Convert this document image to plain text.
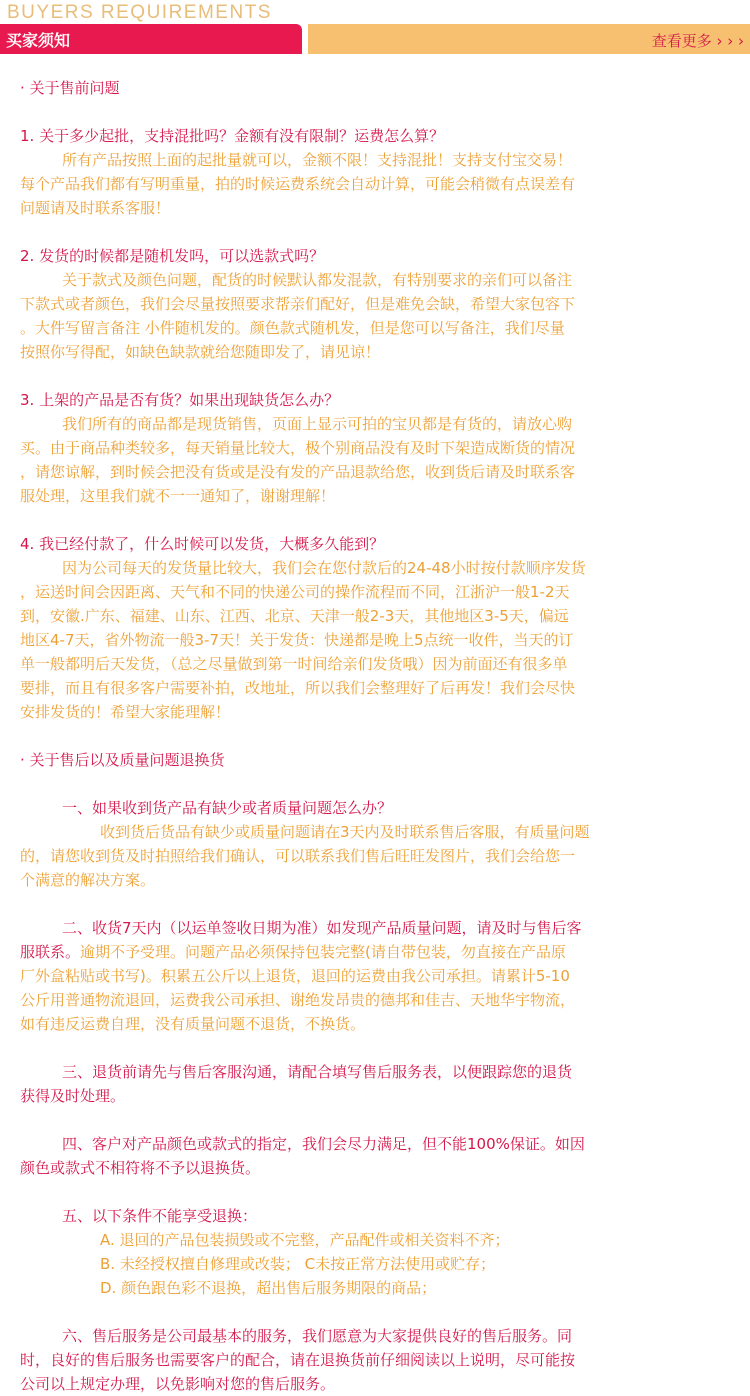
BUYERS REQUIREMENTS
买家须知	查看更多 › › ›

· 关于售前问题

1. 关于多少起批，支持混批吗？金额有没有限制？运费怎么算？

所有产品按照上面的起批量就可以，金额不限！支持混批！支持支付宝交易！

每个产品我们都有写明重量，拍的时候运费系统会自动计算，可能会稍微有点误差有

问题请及时联系客服！

2. 发货的时候都是随机发吗，可以选款式吗？

关于款式及颜色问题，配货的时候默认都发混款，有特别要求的亲们可以备注

下款式或者颜色，我们会尽量按照要求帮亲们配好，但是难免会缺，希望大家包容下

。大件写留言备注 小件随机发的。颜色款式随机发，但是您可以写备注，我们尽量

按照你写得配，如缺色缺款就给您随即发了，请见谅！

3. 上架的产品是否有货？如果出现缺货怎么办？

我们所有的商品都是现货销售，页面上显示可拍的宝贝都是有货的，请放心购

买。由于商品种类较多，每天销量比较大，极个别商品没有及时下架造成断货的情况

，请您谅解，到时候会把没有货或是没有发的产品退款给您，收到货后请及时联系客

服处理，这里我们就不一一通知了，谢谢理解！

4. 我已经付款了，什么时候可以发货，大概多久能到？

因为公司每天的发货量比较大，我们会在您付款后的24-48小时按付款顺序发货

，运送时间会因距离、天气和不同的快递公司的操作流程而不同，江浙沪一般1-2天

到，安徽.广东、福建、山东、江西、北京、天津一般2-3天，其他地区3-5天，偏远

地区4-7天，省外物流一般3-7天！关于发货：快递都是晚上5点统一收件，当天的订

单一般都明后天发货，（总之尽量做到第一时间给亲们发货哦）因为前面还有很多单

要排，而且有很多客户需要补拍，改地址，所以我们会整理好了后再发！我们会尽快

安排发货的！希望大家能理解！

· 关于售后以及质量问题退换货

一、如果收到货产品有缺少或者质量问题怎么办？

收到货后货品有缺少或质量问题请在3天内及时联系售后客服，有质量问题

的，请您收到货及时拍照给我们确认，可以联系我们售后旺旺发图片，我们会给您一

个满意的解决方案。

二、收货7天内（以运单签收日期为准）如发现产品质量问题，请及时与售后客

服联系。逾期不予受理。问题产品必须保持包装完整(请自带包装，勿直接在产品原

厂外盒粘贴或书写)。积累五公斤以上退货，退回的运费由我公司承担。请累计5-10

公斤用普通物流退回，运费我公司承担、谢绝发昂贵的德邦和佳吉、天地华宇物流，

如有违反运费自理，没有质量问题不退货，不换货。

三、退货前请先与售后客服沟通，请配合填写售后服务表，以便跟踪您的退货

获得及时处理。

四、客户对产品颜色或款式的指定，我们会尽力满足，但不能100%保证。如因

颜色或款式不相符将不予以退换货。

五、以下条件不能享受退换：

A. 退回的产品包装损毁或不完整，产品配件或相关资料不齐；

B. 未经授权擅自修理或改装； C未按正常方法使用或贮存；

D. 颜色跟色彩不退换，超出售后服务期限的商品；

六、售后服务是公司最基本的服务，我们愿意为大家提供良好的售后服务。同

时，良好的售后服务也需要客户的配合，请在退换货前仔细阅读以上说明，尽可能按

公司以上规定办理，以免影响对您的售后服务。
